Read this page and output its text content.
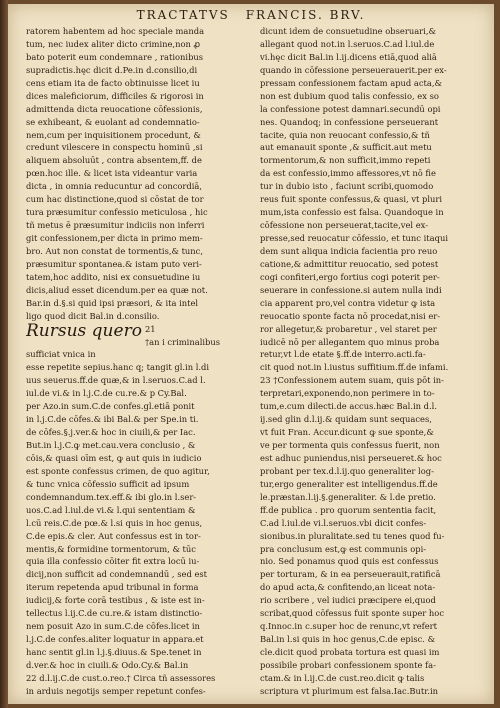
TRACTATVS FRANCIS. BRV.
ratorem habentem ad hoc speciale manda
tum, nec iudex aliter dicto crimine,non ꝓ
bato poterit eum condemnare , rationibus
supradictis.hęc dicit d.Pe.in d.consilio,di
cens etiam ita de facto obtinuisse licet iu
dices maleficiorum, difficiles & rigorosi in
admittenda dicta reuocatione cōfessionis,
se exhibeant, & euolant ad condemnatio-
nem,cum per inquisitionem procedunt, &
credunt vilescere in conspectu hominū ,si
aliquem absoluūt , contra absentem,ff. de
pœn.hoc ille. & licet ista videantur varia
dicta , in omnia reducuntur ad concordiā,
cum hac distinctione,quod si cōstat de tor
tura præsumitur confessio meticulosa , hic
tñ metus ē præsumitur indiciis non inferri
git confessionem,per dicta in primo mem-
bro. Aut non constat de tormentis,& tunc,
præsumitur spontanea.& istam puto veri-
tatem,hoc addito, nisi ex consuetudine iu
dicis,aliud esset dicendum.per ea quæ not.
Bar.in d.§.si quid ipsi præsori, & ita intel
ligo quod dicit Bal.in d.consilio.
21
Rursus quero
†an i criminalibus
sufficiat vnica in
esse repetite sepius.hanc q; tangit gl.in l.di
uus seuerus.ff.de quæ,& in l.seruos.C.ad l.
iul.de vi.& in l.j.C.de cu.re.& p Cy.Bal.
per Azo.in sum.C.de confes.gl.etiā ponit
in l.j.C.de cōfes.& ibi Bal.& per Spe.in ti.
de cōfes.§.j.ver.& hoc in ciuili,& per Iac.
But.in l.j.C.ꝙ met.cau.vera conclusio , &
cōis,& quasi oīm est, ꝙ aut quis in iudicio
est sponte confessus crimen, de quo agitur,
& tunc vnica cōfessio sufficit ad ipsum
condemnandum.tex.eff.& ibi glo.in l.ser-
uos.C.ad l.iul.de vi.& l.qui sententiam &
l.cū reis.C.de pœ.& l.si quis in hoc genus,
C.de epis.& cler. Aut confessus est in tor-
mentis,& formidine tormentorum, & tūc
quia illa confessio cōiter fit extra locū iu-
dicij,non sufficit ad condemnandū , sed est
iterum repetenda apud tribunal in forma
iudicij,& forte corā testibus , & iste est in-
tellectus l.ij.C.de cu.re.& istam distinctio-
nem posuit Azo in sum.C.de cōfes.licet in
l.j.C.de confes.aliter loquatur in appara.et
hanc sentit gl.in l.j.§.diuus.& Spe.tenet in
d.ver.& hoc in ciuili.& Odo.Cy.& Bal.in
22 d.l.ij.C.de cust.o.reo.† Circa tñ assessores
in arduis negotijs semper repetunt confes-
dicunt idem de consuetudine obseruari,&
allegant quod not.in l.seruos.C.ad l.iul.de
vi.hęc dicit Bal.in l.ij.dicens etiā,quod aliā
quando in cōfessione perseuerauerit.per ex-
pressam confessionem factam apud acta,&
non est dubium quod talis confessio, ex so
la confessione potest damnari.secundū opi
nes. Quandoq; in confessione perseuerant
tacite, quia non reuocant confessio,& tñ
aut emanauit sponte ,& sufficit.aut metu
tormentorum,& non sufficit,immo repeti
da est confessio,immo affessores,vt nō fie
tur in dubio isto , faciunt scribi,quomodo
reus fuit sponte confessus,& quasi, vt pluri
mum,ista confessio est falsa. Quandoque in
cōfessione non perseuerat,tacite,vel ex-
presse,sed reuocatur cōfessio, et tunc itaqui
dem sunt aliqua indicia facientia pro reuo
catione,& admittitur reuocatio, sed potest
cogi confiteri,ergo fortius cogi poterit per-
seuerare in confessione.si autem nulla indi
cia apparent pro,vel contra videtur ꝙ ista
reuocatio sponte facta nō procedat,nisi er-
ror allegetur,& probaretur , vel staret per
iudicē nō per allegantem quo minus proba
retur,vt l.de etate §.ff.de interro.acti.fa-
cit quod not.in l.iustus suffitium.ff.de infami.
23 †Confessionem autem suam, quis pōt in-
terpretari,exponendo,non perimere in to-
tum,e.cum dilecti.de accus.hæc Bal.in d.l.
ij.sed glin d.l.ij.& quidam sunt sequaces,
vt fuit Fran. Accur.dicunt ꝙ sue sponte,&
ve per tormenta quis confessus fuerit, non
est adhuc puniendus,nisi perseueret.& hoc
probant per tex.d.l.ij.quo generaliter log-
tur,ergo generaliter est intelligendus.ff.de
le.præstan.l.ij.§.generaliter. & l.de pretio.
ff.de publica . pro quorum sententia facit,
C.ad l.iul.de vi.l.seruos.vbi dicit confes-
sionibus.in pluralitate.sed tu tenes quod fu-
pra conclusum est,ꝙ est communis opi-
nio. Sed ponamus quod quis est confessus
per torturam, & in ea perseuerauit,ratificā
do apud acta,& confitendo,an liceat nota-
rio scribere , vel iudici præcipere ei,quod
scribat,quod cōfessus fuit sponte super hoc
q.Innoc.in c.super hoc de renunc,vt refert
Bal.in l.si quis in hoc genus,C.de episc. &
cle.dicit quod probata tortura est quasi im
possibile probari confessionem sponte fa-
ctam.& in l.ij.C.de cust.reo.dicit ꝙ talis
scriptura vt plurimum est falsa.Iac.Butr.in
